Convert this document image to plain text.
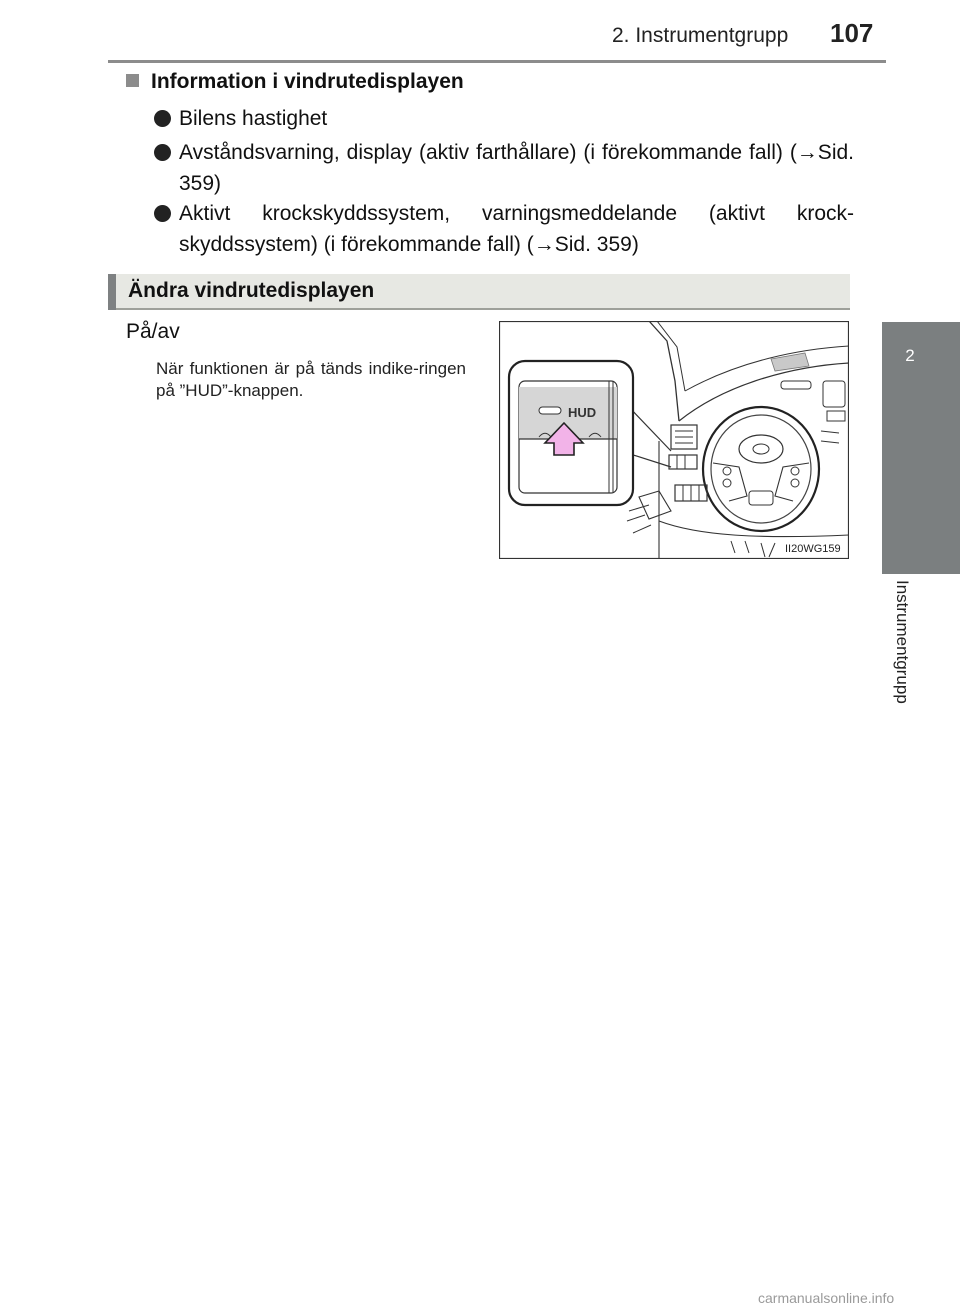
2. Instrumentgrupp	107
2
Instrumentgrupp
Information i vindrutedisplayen
Bilens hastighet
Avståndsvarning, display (aktiv farthållare) (i förekommande fall) (→Sid. 359)
Aktivt krockskyddssystem, varningsmeddelande (aktivt krock-skyddssystem) (i förekommande fall) (→Sid. 359)
Ändra vindrutedisplayen
På/av
När funktionen är på tänds indike-ringen på ”HUD”-knappen.
HUD
II20WG159
carmanualsonline.info
